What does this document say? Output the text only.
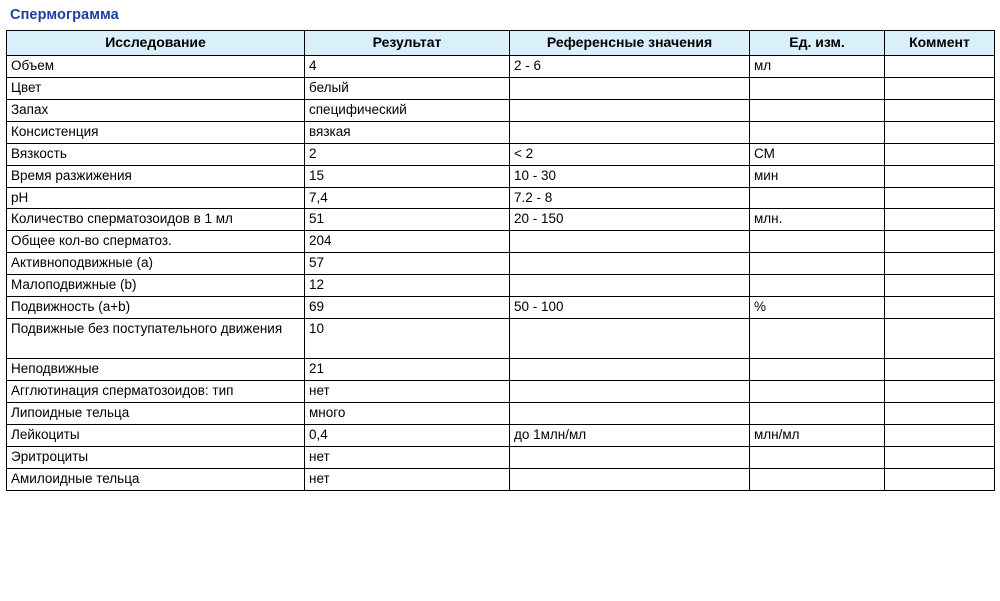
Спермограмма
Исследование	Результат	Референсные значения	Ед. изм.	Коммент
Объем	4	2 - 6	мл	
Цвет	белый			
Запах	специфический			
Консистенция	вязкая			
Вязкость	2	< 2	СМ	
Время разжижения	15	10 - 30	мин	
pH	7,4	7.2 - 8		
Количество сперматозоидов в 1 мл	51	20 - 150	млн.	
Общее кол-во сперматоз.	204			
Активноподвижные (a)	57			
Малоподвижные (b)	12			
Подвижность (a+b)	69	50 - 100	%	
Подвижные без поступательного движения	10			
Неподвижные	21			
Агглютинация сперматозоидов: тип	нет			
Липоидные тельца	много			
Лейкоциты	0,4	до 1млн/мл	млн/мл	
Эритроциты	нет			
Амилоидные тельца	нет			
